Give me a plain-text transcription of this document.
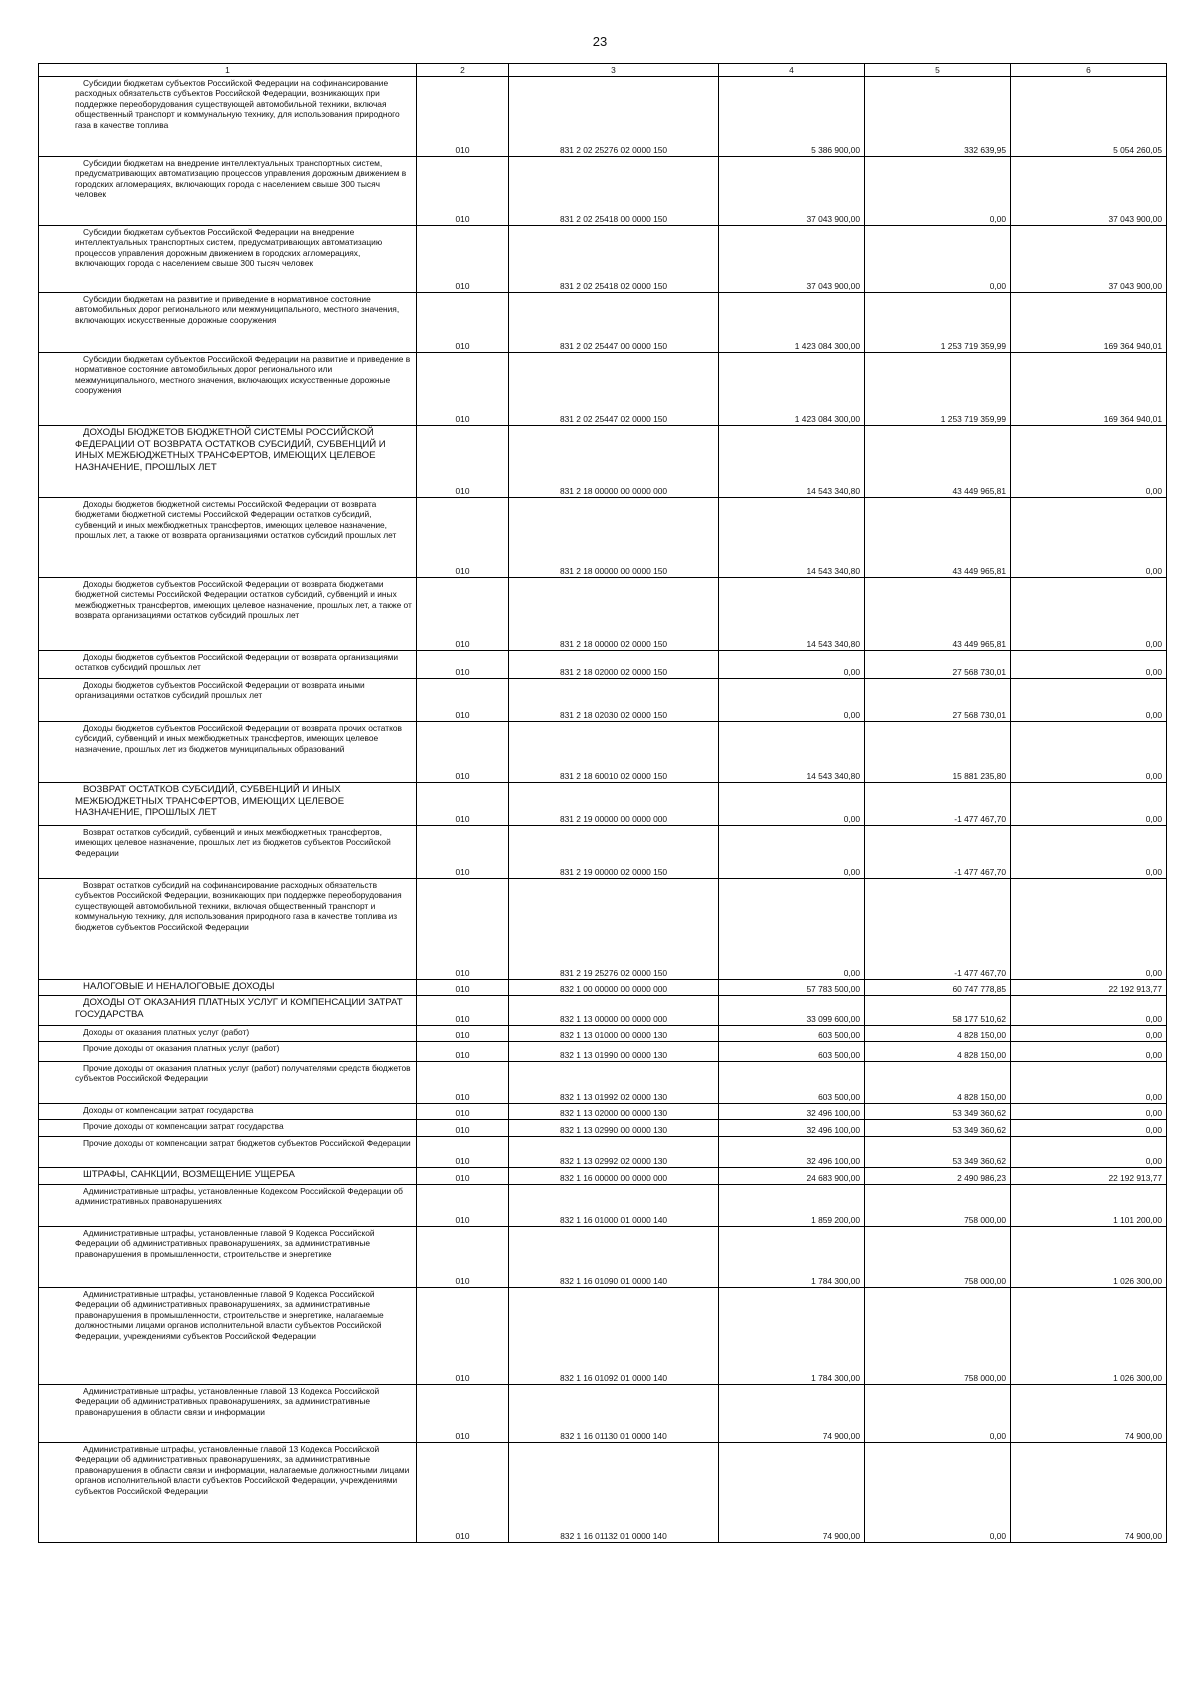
23
1	2	3	4	5	6

Субсидии бюджетам субъектов Российской Федерации на софинансирование расходных обязательств субъектов Российской Федерации, возникающих при поддержке переоборудования существующей автомобильной техники, включая общественный транспорт и коммунальную технику, для использования природного газа в качестве топлива	010	831 2 02 25276 02 0000 150	5 386 900,00	332 639,95	5 054 260,05

Субсидии бюджетам на внедрение интеллектуальных транспортных систем, предусматривающих автоматизацию процессов управления дорожным движением в городских агломерациях, включающих города с населением свыше 300 тысяч человек	010	831 2 02 25418 00 0000 150	37 043 900,00	0,00	37 043 900,00

Субсидии бюджетам субъектов Российской Федерации на внедрение интеллектуальных транспортных систем, предусматривающих автоматизацию процессов управления дорожным движением в городских агломерациях, включающих города с населением свыше 300 тысяч человек	010	831 2 02 25418 02 0000 150	37 043 900,00	0,00	37 043 900,00

Субсидии бюджетам на развитие и приведение в нормативное состояние автомобильных дорог регионального или межмуниципального, местного значения, включающих искусственные дорожные сооружения	010	831 2 02 25447 00 0000 150	1 423 084 300,00	1 253 719 359,99	169 364 940,01

Субсидии бюджетам субъектов Российской Федерации на развитие и приведение в нормативное состояние автомобильных дорог регионального или межмуниципального, местного значения, включающих искусственные дорожные сооружения	010	831 2 02 25447 02 0000 150	1 423 084 300,00	1 253 719 359,99	169 364 940,01

ДОХОДЫ БЮДЖЕТОВ БЮДЖЕТНОЙ СИСТЕМЫ РОССИЙСКОЙ ФЕДЕРАЦИИ ОТ ВОЗВРАТА ОСТАТКОВ СУБСИДИЙ, СУБВЕНЦИЙ И ИНЫХ МЕЖБЮДЖЕТНЫХ ТРАНСФЕРТОВ, ИМЕЮЩИХ ЦЕЛЕВОЕ НАЗНАЧЕНИЕ, ПРОШЛЫХ ЛЕТ	010	831 2 18 00000 00 0000 000	14 543 340,80	43 449 965,81	0,00

Доходы бюджетов бюджетной системы Российской Федерации от возврата бюджетами бюджетной системы Российской Федерации остатков субсидий, субвенций и иных межбюджетных трансфертов, имеющих целевое назначение, прошлых лет, а также от возврата организациями остатков субсидий прошлых лет	010	831 2 18 00000 00 0000 150	14 543 340,80	43 449 965,81	0,00

Доходы бюджетов субъектов Российской Федерации от возврата бюджетами бюджетной системы Российской Федерации остатков субсидий, субвенций и иных межбюджетных трансфертов, имеющих целевое назначение, прошлых лет, а также от возврата организациями остатков субсидий прошлых лет	010	831 2 18 00000 02 0000 150	14 543 340,80	43 449 965,81	0,00

Доходы бюджетов субъектов Российской Федерации от возврата организациями остатков субсидий прошлых лет	010	831 2 18 02000 02 0000 150	0,00	27 568 730,01	0,00

Доходы бюджетов субъектов Российской Федерации от возврата иными организациями остатков субсидий прошлых лет	010	831 2 18 02030 02 0000 150	0,00	27 568 730,01	0,00

Доходы бюджетов субъектов Российской Федерации от возврата прочих остатков субсидий, субвенций и иных межбюджетных трансфертов, имеющих целевое назначение, прошлых лет из бюджетов муниципальных образований	010	831 2 18 60010 02 0000 150	14 543 340,80	15 881 235,80	0,00

ВОЗВРАТ ОСТАТКОВ СУБСИДИЙ, СУБВЕНЦИЙ И ИНЫХ МЕЖБЮДЖЕТНЫХ ТРАНСФЕРТОВ, ИМЕЮЩИХ ЦЕЛЕВОЕ НАЗНАЧЕНИЕ, ПРОШЛЫХ ЛЕТ	010	831 2 19 00000 00 0000 000	0,00	-1 477 467,70	0,00

Возврат остатков субсидий, субвенций и иных межбюджетных трансфертов, имеющих целевое назначение, прошлых лет из бюджетов субъектов Российской Федерации	010	831 2 19 00000 02 0000 150	0,00	-1 477 467,70	0,00

Возврат остатков субсидий на софинансирование расходных обязательств субъектов Российской Федерации, возникающих при поддержке переоборудования существующей автомобильной техники, включая общественный транспорт и коммунальную технику, для использования природного газа в качестве топлива из бюджетов субъектов Российской Федерации	010	831 2 19 25276 02 0000 150	0,00	-1 477 467,70	0,00

НАЛОГОВЫЕ И НЕНАЛОГОВЫЕ ДОХОДЫ	010	832 1 00 00000 00 0000 000	57 783 500,00	60 747 778,85	22 192 913,77

ДОХОДЫ ОТ ОКАЗАНИЯ ПЛАТНЫХ УСЛУГ И КОМПЕНСАЦИИ ЗАТРАТ ГОСУДАРСТВА	010	832 1 13 00000 00 0000 000	33 099 600,00	58 177 510,62	0,00

Доходы от оказания платных услуг (работ)	010	832 1 13 01000 00 0000 130	603 500,00	4 828 150,00	0,00

Прочие доходы от оказания платных услуг (работ)	010	832 1 13 01990 00 0000 130	603 500,00	4 828 150,00	0,00

Прочие доходы от оказания платных услуг (работ) получателями средств бюджетов субъектов Российской Федерации	010	832 1 13 01992 02 0000 130	603 500,00	4 828 150,00	0,00

Доходы от компенсации затрат государства	010	832 1 13 02000 00 0000 130	32 496 100,00	53 349 360,62	0,00

Прочие доходы от компенсации затрат государства	010	832 1 13 02990 00 0000 130	32 496 100,00	53 349 360,62	0,00

Прочие доходы от компенсации затрат бюджетов субъектов Российской Федерации	010	832 1 13 02992 02 0000 130	32 496 100,00	53 349 360,62	0,00

ШТРАФЫ, САНКЦИИ, ВОЗМЕЩЕНИЕ УЩЕРБА	010	832 1 16 00000 00 0000 000	24 683 900,00	2 490 986,23	22 192 913,77

Административные штрафы, установленные Кодексом Российской Федерации об административных правонарушениях	010	832 1 16 01000 01 0000 140	1 859 200,00	758 000,00	1 101 200,00

Административные штрафы, установленные главой 9 Кодекса Российской Федерации об административных правонарушениях, за административные правонарушения в промышленности, строительстве и энергетике	010	832 1 16 01090 01 0000 140	1 784 300,00	758 000,00	1 026 300,00

Административные штрафы, установленные главой 9 Кодекса Российской Федерации об административных правонарушениях, за административные правонарушения в промышленности, строительстве и энергетике, налагаемые должностными лицами органов исполнительной власти субъектов Российской Федерации, учреждениями субъектов Российской Федерации	010	832 1 16 01092 01 0000 140	1 784 300,00	758 000,00	1 026 300,00

Административные штрафы, установленные главой 13 Кодекса Российской Федерации об административных правонарушениях, за административные правонарушения в области связи и информации	010	832 1 16 01130 01 0000 140	74 900,00	0,00	74 900,00

Административные штрафы, установленные главой 13 Кодекса Российской Федерации об административных правонарушениях, за административные правонарушения в области связи и информации, налагаемые должностными лицами органов исполнительной власти субъектов Российской Федерации, учреждениями субъектов Российской Федерации	010	832 1 16 01132 01 0000 140	74 900,00	0,00	74 900,00
